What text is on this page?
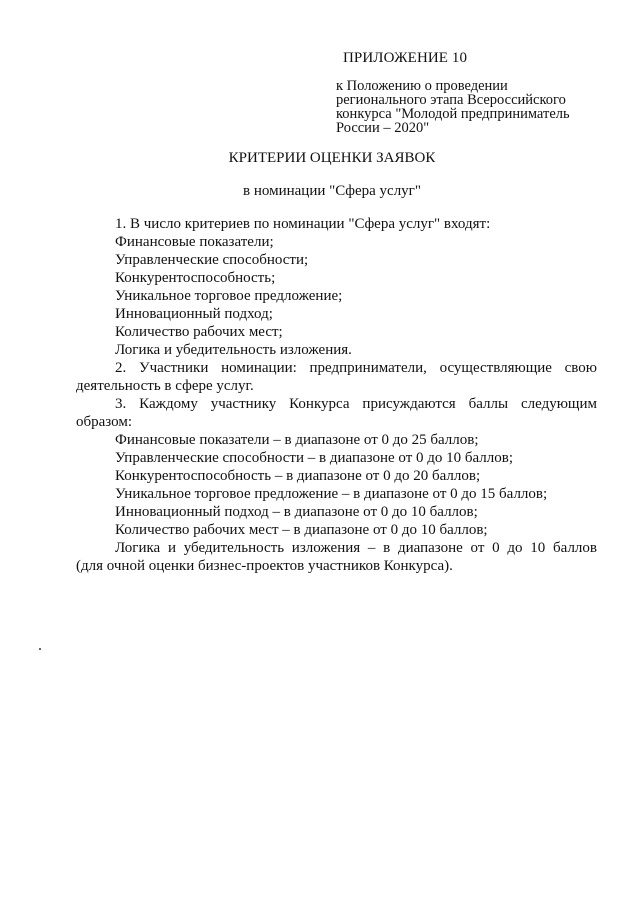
ПРИЛОЖЕНИЕ 10
к Положению о проведении
регионального этапа Всероссийского
конкурса "Молодой предприниматель
России – 2020"
КРИТЕРИИ ОЦЕНКИ ЗАЯВОК
в номинации "Сфера услуг"
1. В число критериев по номинации "Сфера услуг" входят:
Финансовые показатели;
Управленческие способности;
Конкурентоспособность;
Уникальное торговое предложение;
Инновационный подход;
Количество рабочих мест;
Логика и убедительность изложения.
2. Участники номинации: предприниматели, осуществляющие свою
деятельность в сфере услуг.
3. Каждому участнику Конкурса присуждаются баллы следующим
образом:
Финансовые показатели – в диапазоне от 0 до 25 баллов;
Управленческие способности – в диапазоне от 0 до 10 баллов;
Конкурентоспособность – в диапазоне от 0 до 20 баллов;
Уникальное торговое предложение – в диапазоне от 0 до 15 баллов;
Инновационный подход – в диапазоне от 0 до 10 баллов;
Количество рабочих мест – в диапазоне от 0 до 10 баллов;
Логика и убедительность изложения – в диапазоне от 0 до 10 баллов
(для очной оценки бизнес-проектов участников Конкурса).
